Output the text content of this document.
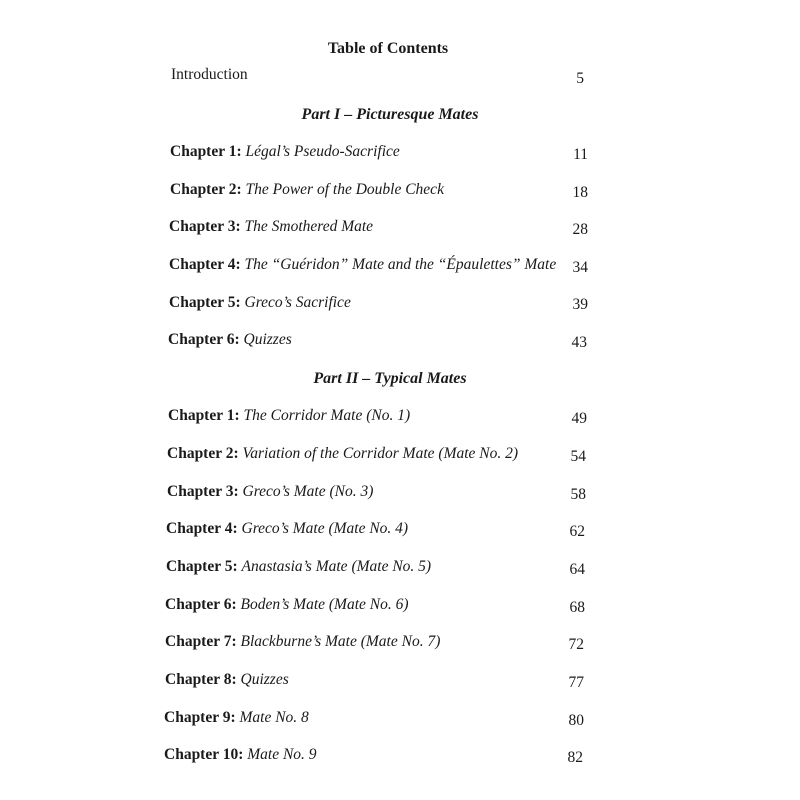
Table of Contents
Introduction	5
Part I – Picturesque Mates
Chapter 1: Légal’s Pseudo-Sacrifice	11
Chapter 2: The Power of the Double Check	18
Chapter 3: The Smothered Mate	28
Chapter 4: The “Guéridon” Mate and the “Épaulettes” Mate	34
Chapter 5: Greco’s Sacrifice	39
Chapter 6: Quizzes	43
Part II – Typical Mates
Chapter 1: The Corridor Mate (No. 1)	49
Chapter 2: Variation of the Corridor Mate (Mate No. 2)	54
Chapter 3: Greco’s Mate (No. 3)	58
Chapter 4: Greco’s Mate (Mate No. 4)	62
Chapter 5: Anastasia’s Mate (Mate No. 5)	64
Chapter 6: Boden’s Mate (Mate No. 6)	68
Chapter 7: Blackburne’s Mate (Mate No. 7)	72
Chapter 8: Quizzes	77
Chapter 9: Mate No. 8	80
Chapter 10: Mate No. 9	82
